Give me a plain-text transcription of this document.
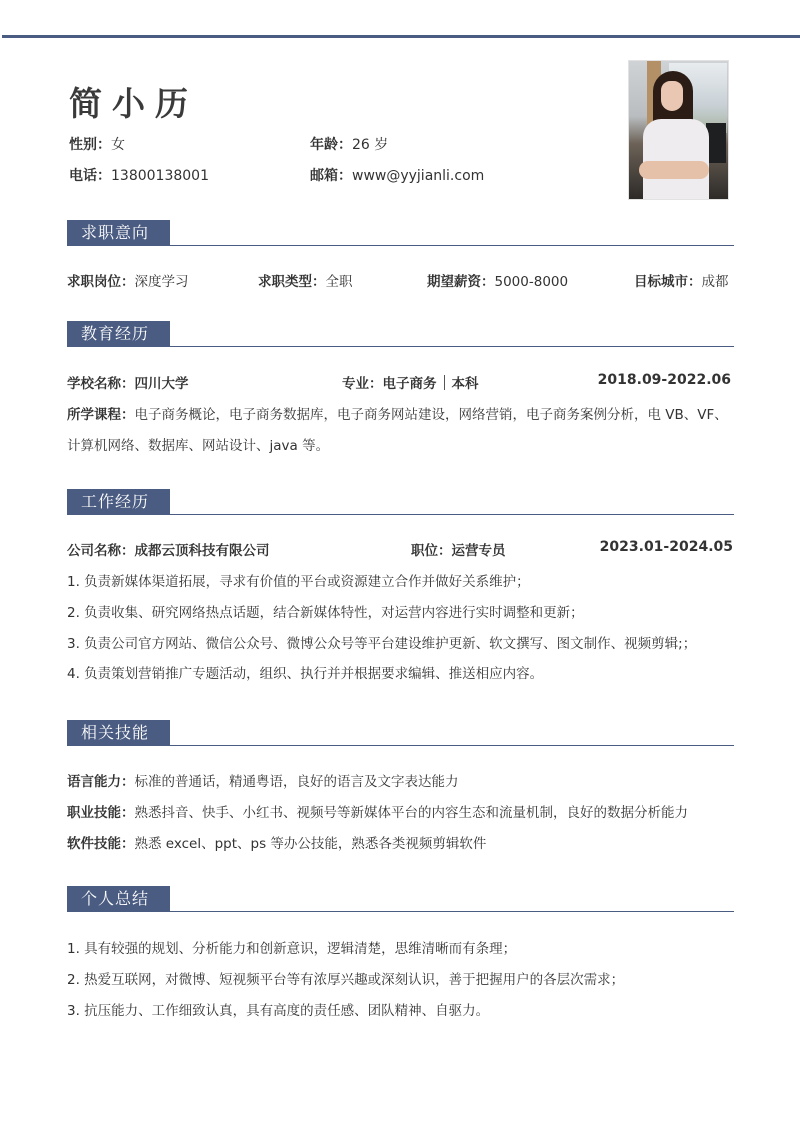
简小历
性别：女	年龄：26 岁
电话：13800138001	邮箱：www@yyjianli.com
求职意向
求职岗位：深度学习	求职类型：全职	期望薪资：5000-8000	目标城市：成都
教育经历
学校名称：四川大学	专业：电子商务 本科	2018.09-2022.06
所学课程：电子商务概论，电子商务数据库，电子商务网站建设，网络营销，电子商务案例分析，电 VB、VF、
计算机网络、数据库、网站设计、java 等。
工作经历
公司名称：成都云顶科技有限公司	职位：运营专员	2023.01-2024.05
1. 负责新媒体渠道拓展，寻求有价值的平台或资源建立合作并做好关系维护；
2. 负责收集、研究网络热点话题，结合新媒体特性，对运营内容进行实时调整和更新；
3. 负责公司官方网站、微信公众号、微博公众号等平台建设维护更新、软文撰写、图文制作、视频剪辑;；
4. 负责策划营销推广专题活动，组织、执行并并根据要求编辑、推送相应内容。
相关技能
语言能力：标准的普通话，精通粤语，良好的语言及文字表达能力
职业技能：熟悉抖音、快手、小红书、视频号等新媒体平台的内容生态和流量机制，良好的数据分析能力
软件技能：熟悉 excel、ppt、ps 等办公技能，熟悉各类视频剪辑软件
个人总结
1. 具有较强的规划、分析能力和创新意识，逻辑清楚，思维清晰而有条理；
2. 热爱互联网，对微博、短视频平台等有浓厚兴趣或深刻认识，善于把握用户的各层次需求；
3. 抗压能力、工作细致认真，具有高度的责任感、团队精神、自驱力。
